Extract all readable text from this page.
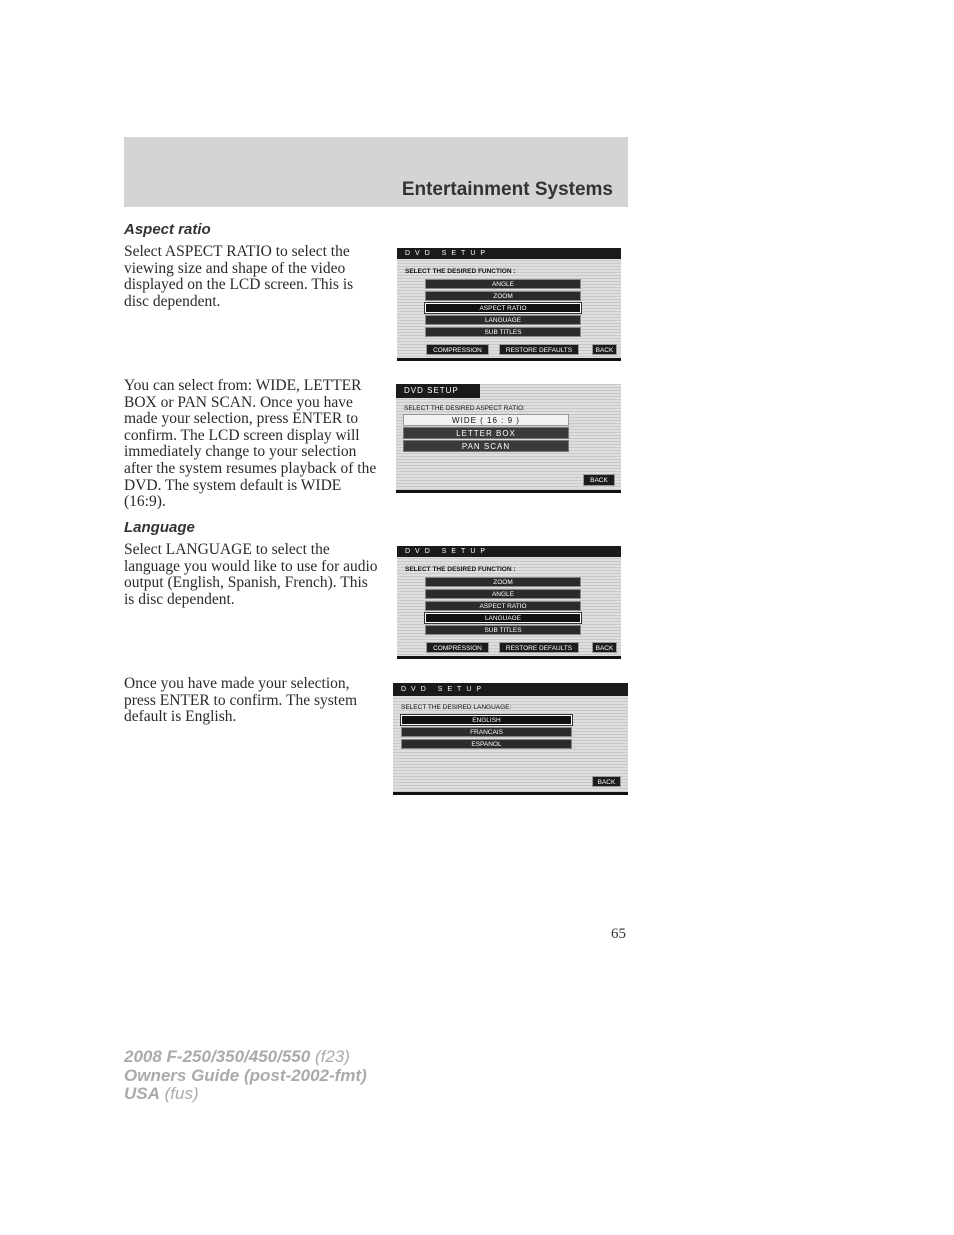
Entertainment Systems
Aspect ratio

Select ASPECT RATIO to select the viewing size and shape of the video displayed on the LCD screen. This is disc dependent.

DVD SETUP
SELECT THE DESIRED FUNCTION :
ANGLE
ZOOM
ASPECT RATIO
LANGUAGE
SUB TITLES
COMPRESSION	RESTORE DEFAULTS	BACK

You can select from: WIDE, LETTER BOX or PAN SCAN. Once you have made your selection, press ENTER to confirm. The LCD screen display will immediately change to your selection after the system resumes playback of the DVD. The system default is WIDE (16:9).

DVD SETUP
SELECT THE DESIRED ASPECT RATIO:
WIDE ( 16 : 9 )
LETTER BOX
PAN SCAN
BACK
Language

Select LANGUAGE to select the language you would like to use for audio output (English, Spanish, French). This is disc dependent.

DVD SETUP
SELECT THE DESIRED FUNCTION :
ZOOM
ANGLE
ASPECT RATIO
LANGUAGE
SUB TITLES
COMPRESSION	RESTORE DEFAULTS	BACK

Once you have made your selection, press ENTER to confirm. The system default is English.

DVD SETUP
SELECT THE DESIRED LANGUAGE:
ENGLISH
FRANCAIS
ESPANOL
BACK
65
2008 F-250/350/450/550 (f23)
Owners Guide (post-2002-fmt)
USA (fus)
